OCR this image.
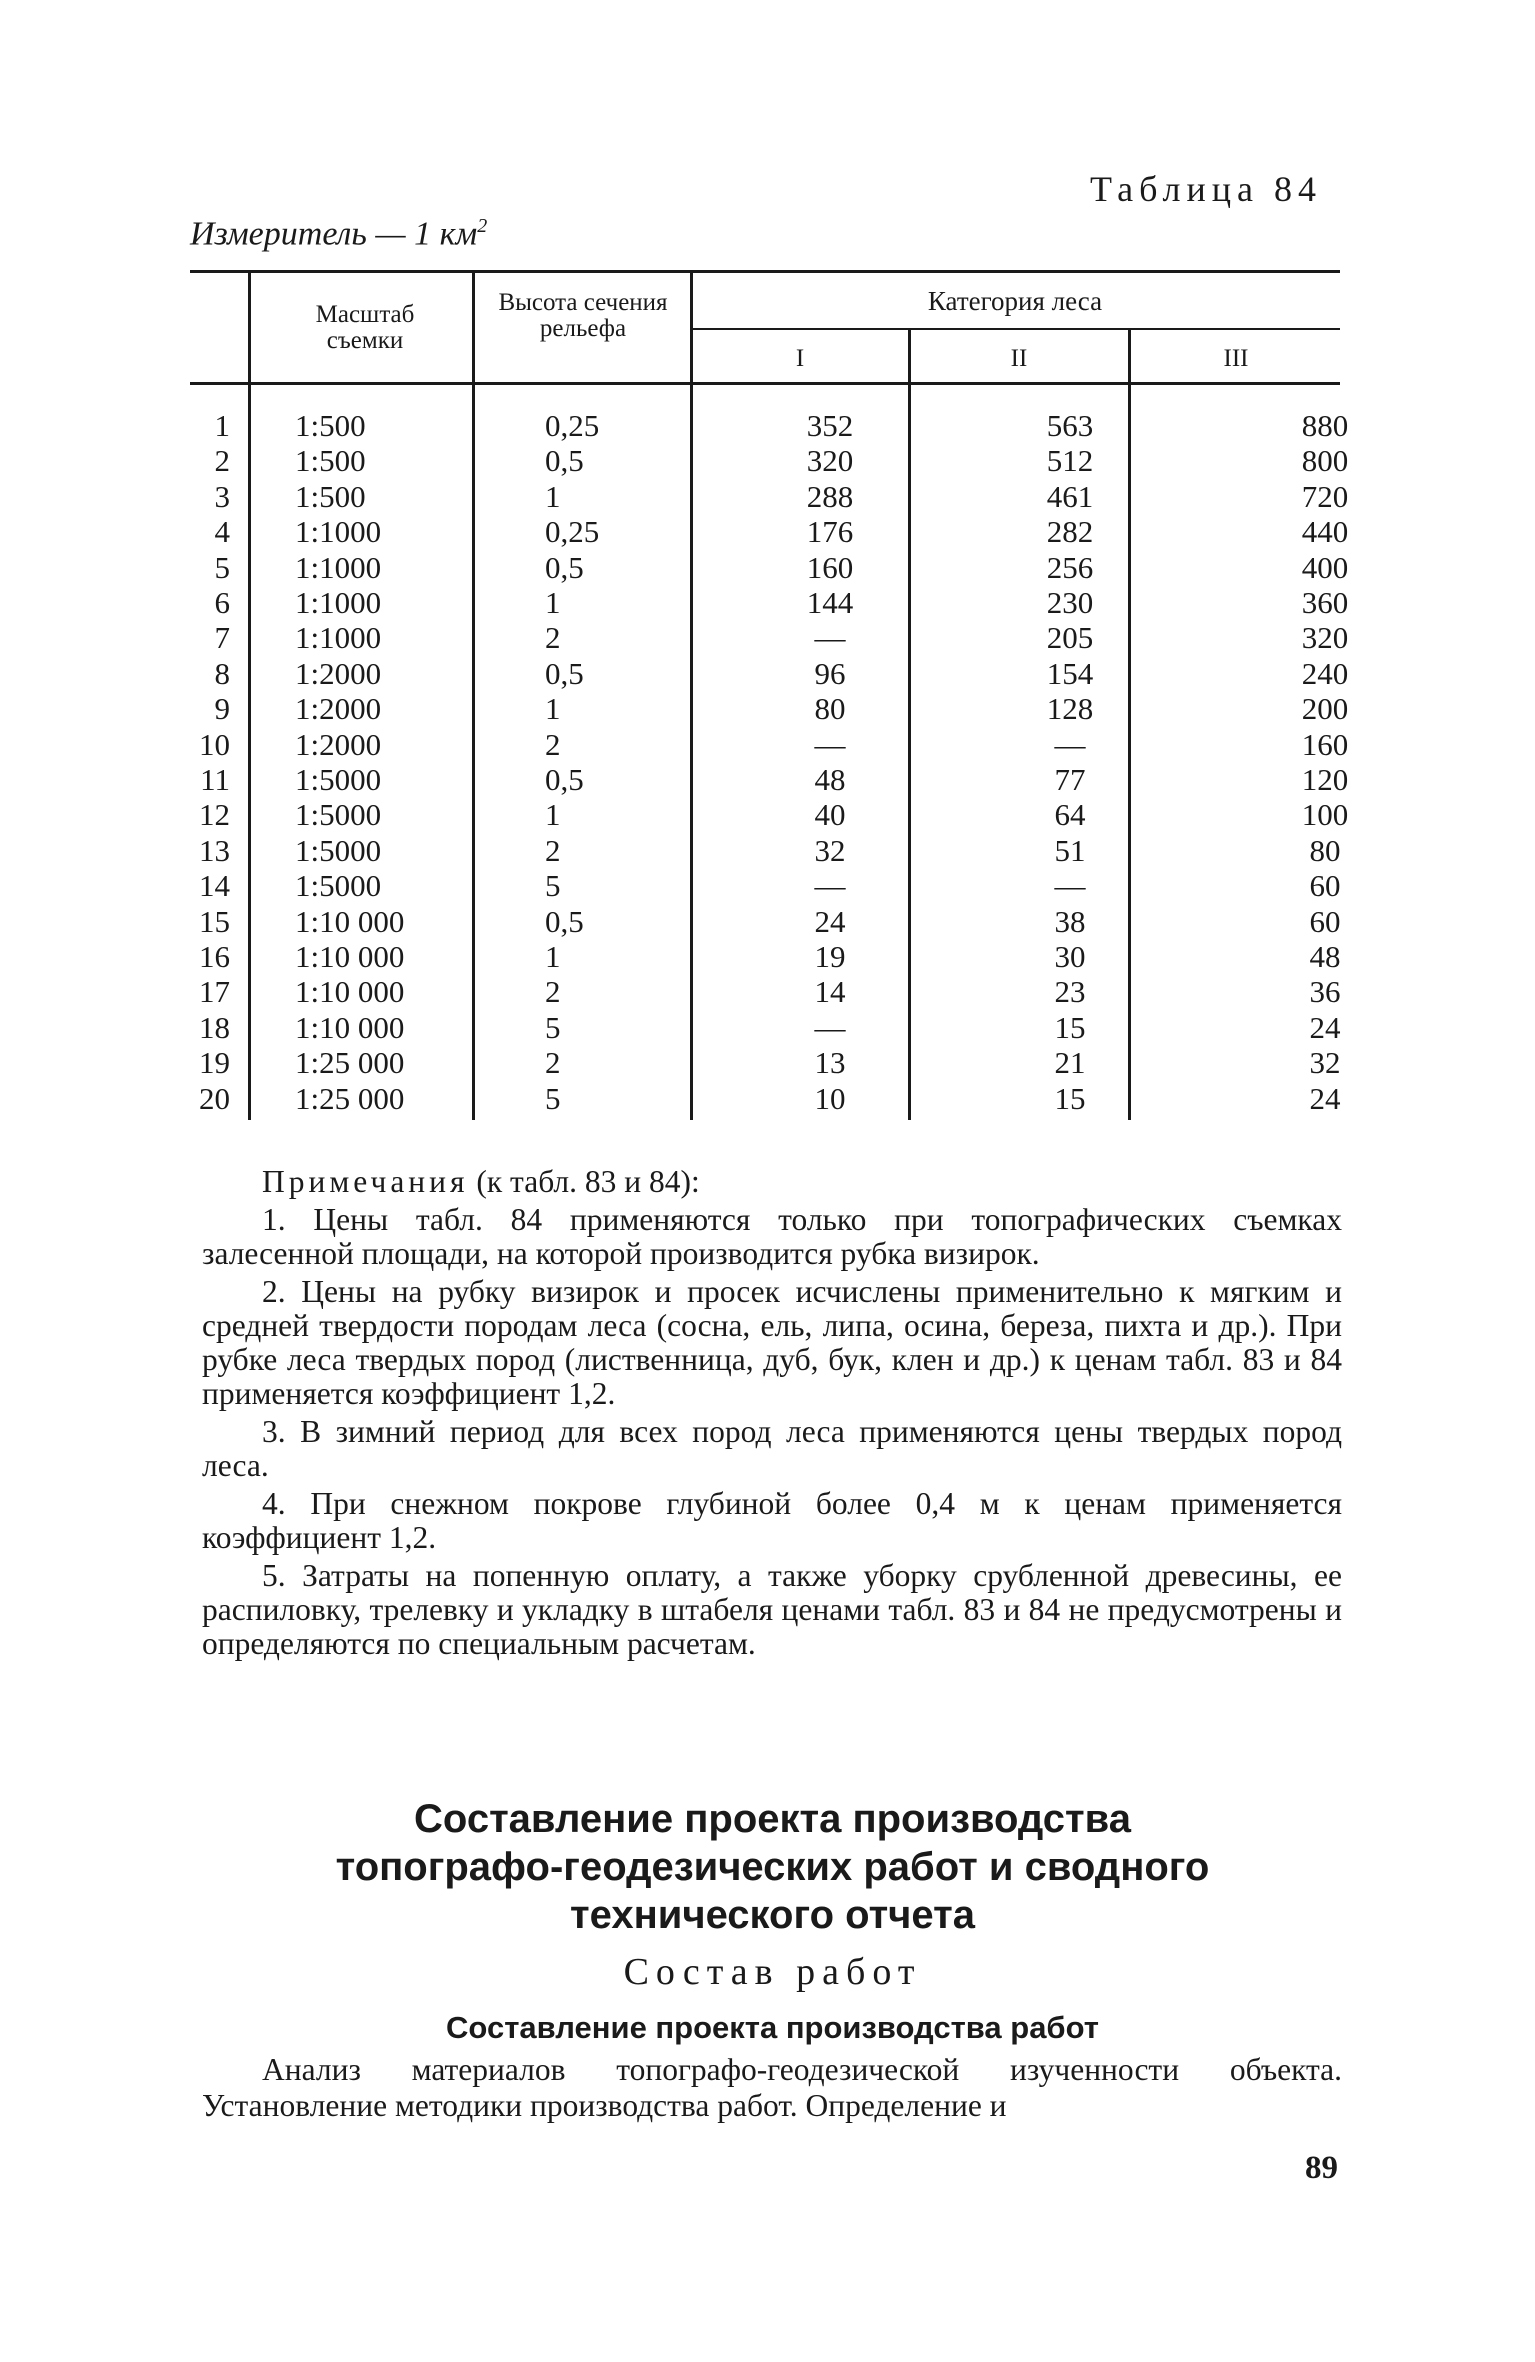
Таблица 84
Измеритель — 1 $км^2$
Масштаб съемки
Высота сечения рельефа
Категория леса
I	II	III
1 1:500	0,25	352	563	880
2 1:500	0,5	320	512	800
3 1:500	1	288	461	720
4 1:1000	0,25	176	282	440
5 1:1000	0,5	160	256	400
6 1:1000	1	144	230	360
7 1:1000	2	—	205	320
8 1:2000	0,5	96	154	240
9 1:2000	1	80	128	200
10 1:2000	2	—	—	160
11 1:5000	0,5	48	77	120
12 1:5000	1	40	64	100
13 1:5000	2	32	51	80
14 1:5000	5	—	—	60
15 1:10 000	0,5	24	38	60
16 1:10 000	1	19	30	48
17 1:10 000	2	14	23	36
18 1:10 000	5	—	15	24
19 1:25 000	2	13	21	32
20 1:25 000	5	10	15	24
Примечания (к табл. 83 и 84):

1. Цены табл. 84 применяются только при топографических съемках залесенной площади, на которой производится рубка визирок.

2. Цены на рубку визирок и просек исчислены применительно к мягким и средней твердости породам леса (сосна, ель, липа, осина, береза, пихта и др.). При рубке леса твердых пород (лиственница, дуб, бук, клен и др.) к ценам табл. 83 и 84 применяется коэффициент 1,2.

3. В зимний период для всех пород леса применяются цены твердых пород леса.

4. При снежном покрове глубиной более 0,4 м к ценам применяется коэффициент 1,2.

5. Затраты на попенную оплату, а также уборку срубленной древесины, ее распиловку, трелевку и укладку в штабеля ценами табл. 83 и 84 не предусмотрены и определяются по специальным расчетам.

Составление проекта производства
топографо-геодезических работ и сводного
технического отчета
Состав работ
Составление проекта производства работ

Анализ материалов топографо-геодезической изученности объекта. Установление методики производства работ. Определение и

89
